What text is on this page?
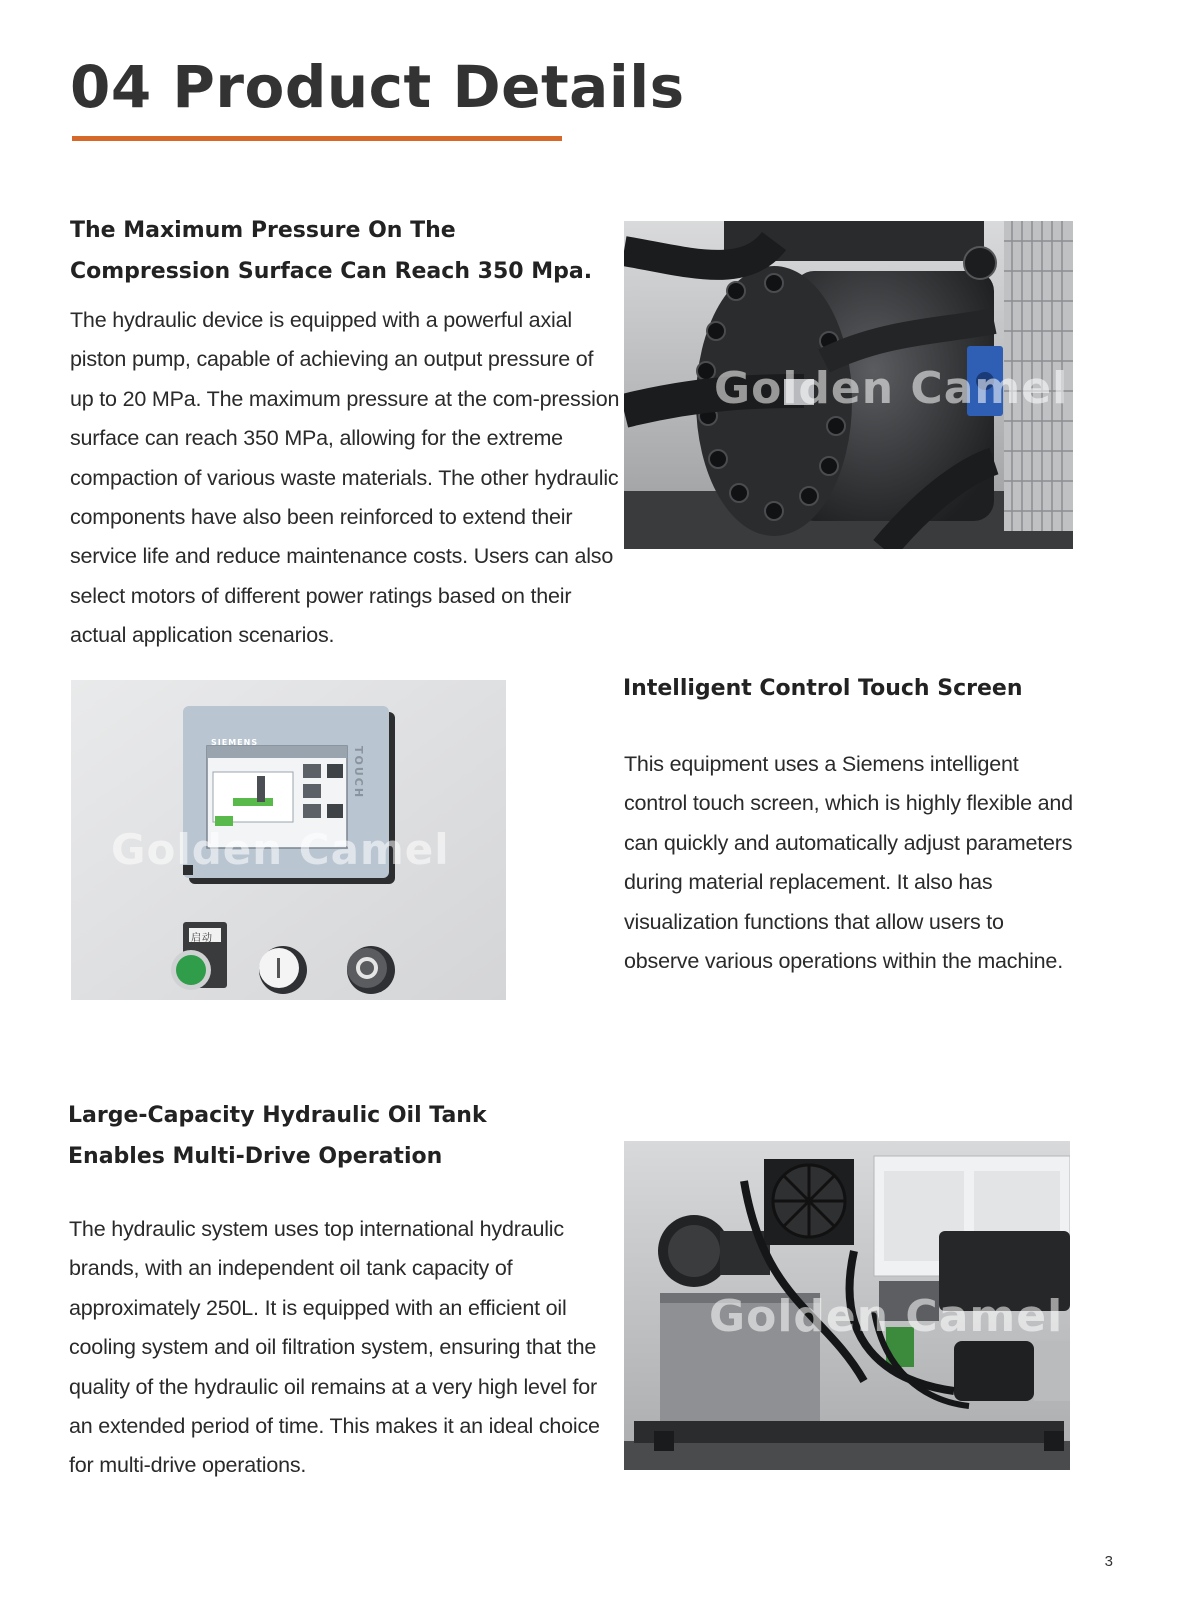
04 Product Details
The Maximum Pressure On The Compression Surface Can Reach 350 Mpa.

The hydraulic device is equipped with a powerful axial piston pump, capable of achieving an output pressure of up to 20 MPa. The maximum pressure at the com-pression surface can reach 350 MPa, allowing for the extreme compaction of various waste materials. The other hydraulic components have also been reinforced to extend their service life and reduce maintenance costs. Users can also select motors of different power ratings based on their actual application scenarios.

Golden Camel
SIEMENS
TOUCH
启动
Golden Camel
Intelligent Control Touch Screen

This equipment uses a Siemens intelligent control touch screen, which is highly flexible and can quickly and automatically adjust parameters during material replacement. It also has visualization functions that allow users to observe various operations within the machine.

Large-Capacity Hydraulic Oil Tank Enables Multi-Drive Operation

The hydraulic system uses top international hydraulic brands, with an independent oil tank capacity of approximately 250L. It is equipped with an efficient oil cooling system and oil filtration system, ensuring that the quality of the hydraulic oil remains at a very high level for an extended period of time. This makes it an ideal choice for multi-drive operations.

Golden Camel
3
